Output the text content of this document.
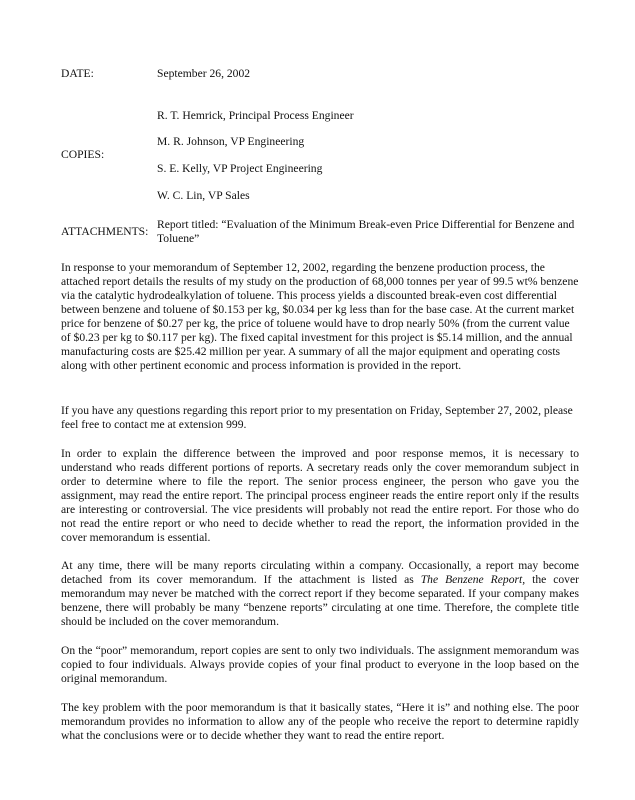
DATE:	September 26, 2002
R. T. Hemrick, Principal Process Engineer
M. R. Johnson, VP Engineering
COPIES:
S. E. Kelly, VP Project Engineering
W. C. Lin, VP Sales
ATTACHMENTS:
Report titled: “Evaluation of the Minimum Break-even Price Differential for Benzene and Toluene”
In response to your memorandum of September 12, 2002, regarding the benzene production process, the attached report details the results of my study on the production of 68,000 tonnes per year of 99.5 wt% benzene via the catalytic hydrodealkylation of toluene. This process yields a discounted break-even cost differential between benzene and toluene of $0.153 per kg, $0.034 per kg less than for the base case. At the current market price for benzene of $0.27 per kg, the price of toluene would have to drop nearly 50% (from the current value of $0.23 per kg to $0.117 per kg). The fixed capital investment for this project is $5.14 million, and the annual manufacturing costs are $25.42 million per year. A summary of all the major equipment and operating costs along with other pertinent economic and process information is provided in the report.
If you have any questions regarding this report prior to my presentation on Friday, September 27, 2002, please feel free to contact me at extension 999.
In order to explain the difference between the improved and poor response memos, it is necessary to understand who reads different portions of reports. A secretary reads only the cover memorandum subject in order to determine where to file the report. The senior process engineer, the person who gave you the assignment, may read the entire report. The principal process engineer reads the entire report only if the results are interesting or controversial. The vice presidents will probably not read the entire report. For those who do not read the entire report or who need to decide whether to read the report, the information provided in the cover memorandum is essential.
At any time, there will be many reports circulating within a company. Occasionally, a report may become detached from its cover memorandum. If the attachment is listed as The Benzene Report, the cover memorandum may never be matched with the correct report if they become separated. If your company makes benzene, there will probably be many “benzene reports” circulating at one time. Therefore, the complete title should be included on the cover memorandum.
On the “poor” memorandum, report copies are sent to only two individuals. The assignment memorandum was copied to four individuals. Always provide copies of your final product to everyone in the loop based on the original memorandum.
The key problem with the poor memorandum is that it basically states, “Here it is” and nothing else. The poor memorandum provides no information to allow any of the people who receive the report to determine rapidly what the conclusions were or to decide whether they want to read the entire report.
